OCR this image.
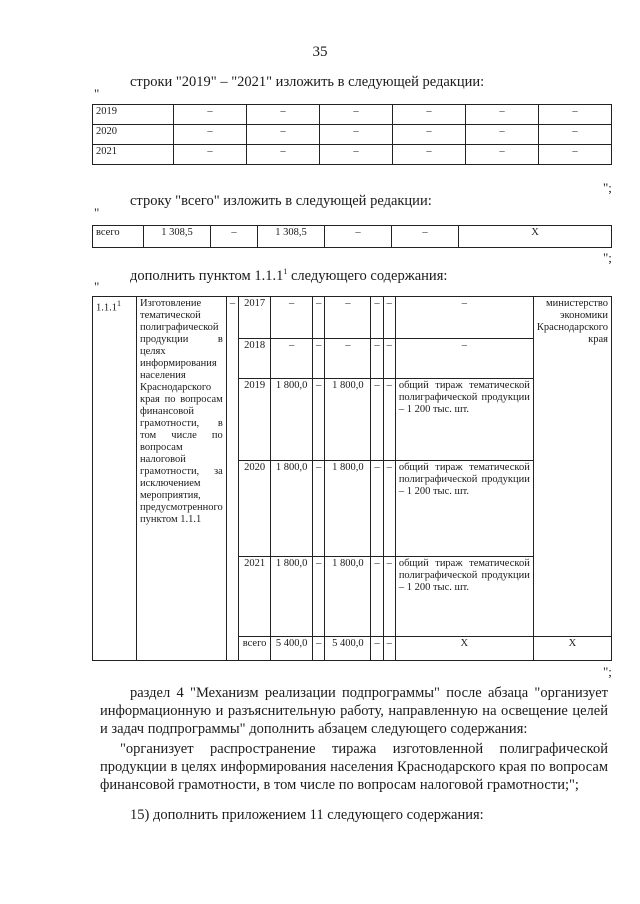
35
строки "2019" – "2021" изложить в следующей редакции:
"
2019	–	–	–	–	–	–
2020	–	–	–	–	–	–
2021	–	–	–	–	–	–
";
строку "всего" изложить в следующей редакции:
"
всего	1 308,5	–	1 308,5	–	–	Х
";
дополнить пунктом 1.1.1$^1$ следующего содержания:
"
1.1.1$^1$	Изготовление тематической полиграфической продукции в целях информирования населения Краснодарского края по вопросам финансовой грамотности, в том числе по вопросам налоговой грамотности, за исключением мероприятия, предусмотренного пунктом 1.1.1	–	2017	–	–	–	–	–	–	министерство экономики Краснодарского края
			2018	–	–	–	–	–	–	
			2019	1 800,0	–	1 800,0	–	–	общий тираж тематической полиграфической продукции – 1 200 тыс. шт.	
			2020	1 800,0	–	1 800,0	–	–	общий тираж тематической полиграфической продукции – 1 200 тыс. шт.	
			2021	1 800,0	–	1 800,0	–	–	общий тираж тематической полиграфической продукции – 1 200 тыс. шт.	
			всего	5 400,0	–	5 400,0	–	–	Х	Х
";
раздел 4 "Механизм реализации подпрограммы" после абзаца "организует информационную и разъяснительную работу, направленную на освещение целей и задач подпрограммы" дополнить абзацем следующего содержания:
"организует распространение тиража изготовленной полиграфической продукции в целях информирования населения Краснодарского края по вопросам финансовой грамотности, в том числе по вопросам налоговой грамотности;";
15) дополнить приложением 11 следующего содержания:
